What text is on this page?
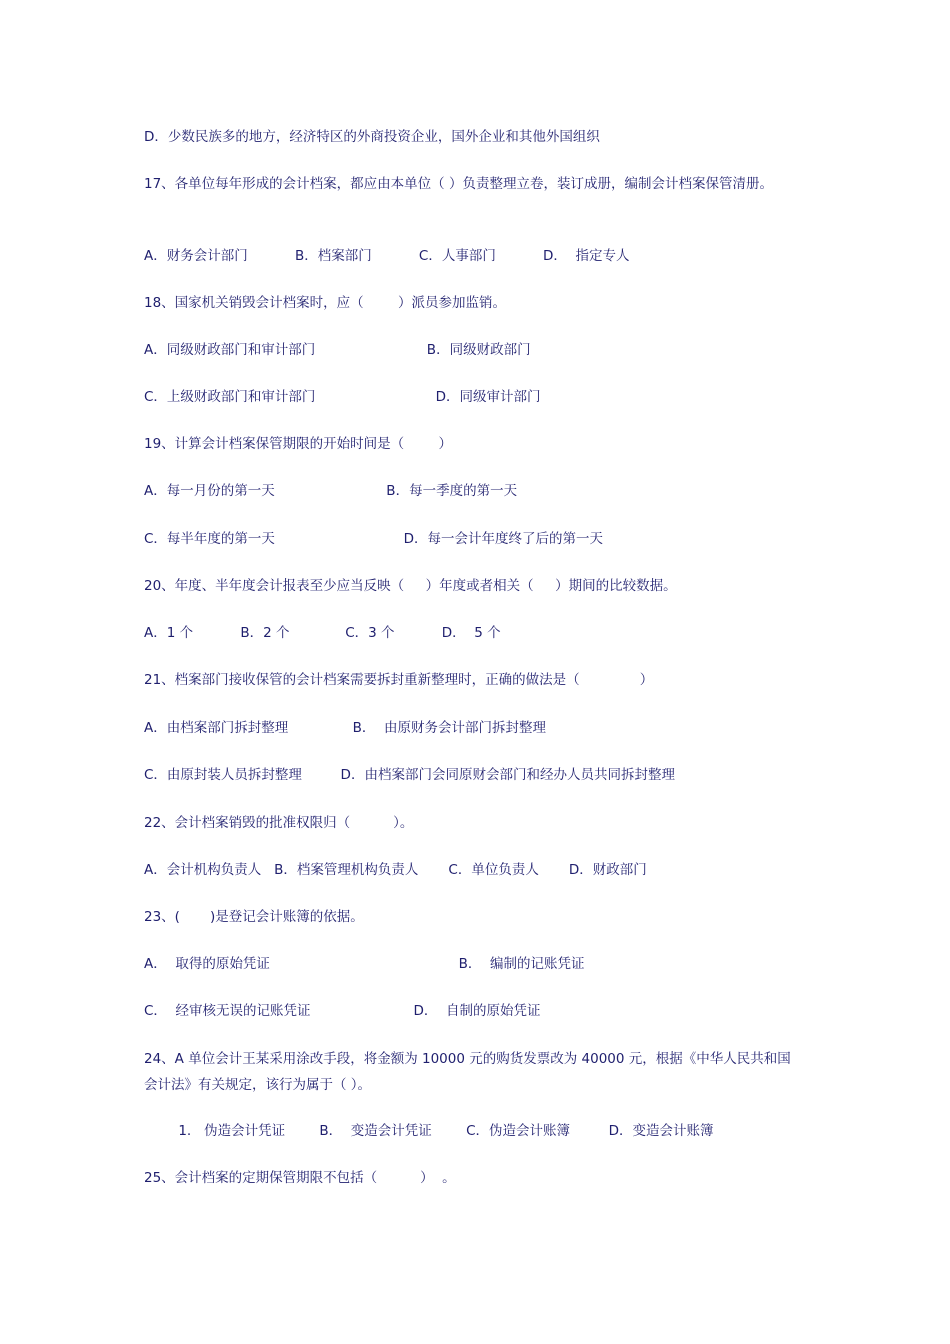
D．少数民族多的地方，经济特区的外商投资企业，国外企业和其他外国组织
17、各单位每年形成的会计档案，都应由本单位（ ）负责整理立卷，装订成册，编制会计档案保管清册。
A．财务会计部门           B．档案部门           C．人事部门           D．  指定专人
18、国家机关销毁会计档案时，应（        ）派员参加监销。
A．同级财政部门和审计部门                          B．同级财政部门
C．上级财政部门和审计部门                            D．同级审计部门
19、计算会计档案保管期限的开始时间是（        ）
A．每一月份的第一天                          B．每一季度的第一天
C．每半年度的第一天                              D．每一会计年度终了后的第一天
20、年度、半年度会计报表至少应当反映（     ）年度或者相关（     ）期间的比较数据。
A．1 个           B．2 个             C．3 个           D．  5 个
21、档案部门接收保管的会计档案需要拆封重新整理时，正确的做法是（              ）
A．由档案部门拆封整理               B．  由原财务会计部门拆封整理
C．由原封装人员拆封整理         D．由档案部门会同原财会部门和经办人员共同拆封整理
22、会计档案销毁的批准权限归（          ）。
A．会计机构负责人   B．档案管理机构负责人       C．单位负责人       D．财政部门
23、(       )是登记会计账簿的依据。
A．  取得的原始凭证                                            B．  编制的记账凭证
C．  经审核无误的记账凭证                        D．  自制的原始凭证
24、A 单位会计王某采用涂改手段，将金额为 10000 元的购货发票改为 40000 元，根据《中华人民共和国会计法》有关规定，该行为属于（ ）。
1.   伪造会计凭证        B．  变造会计凭证        C．伪造会计账簿         D．变造会计账簿
25、会计档案的定期保管期限不包括（          ）  。
